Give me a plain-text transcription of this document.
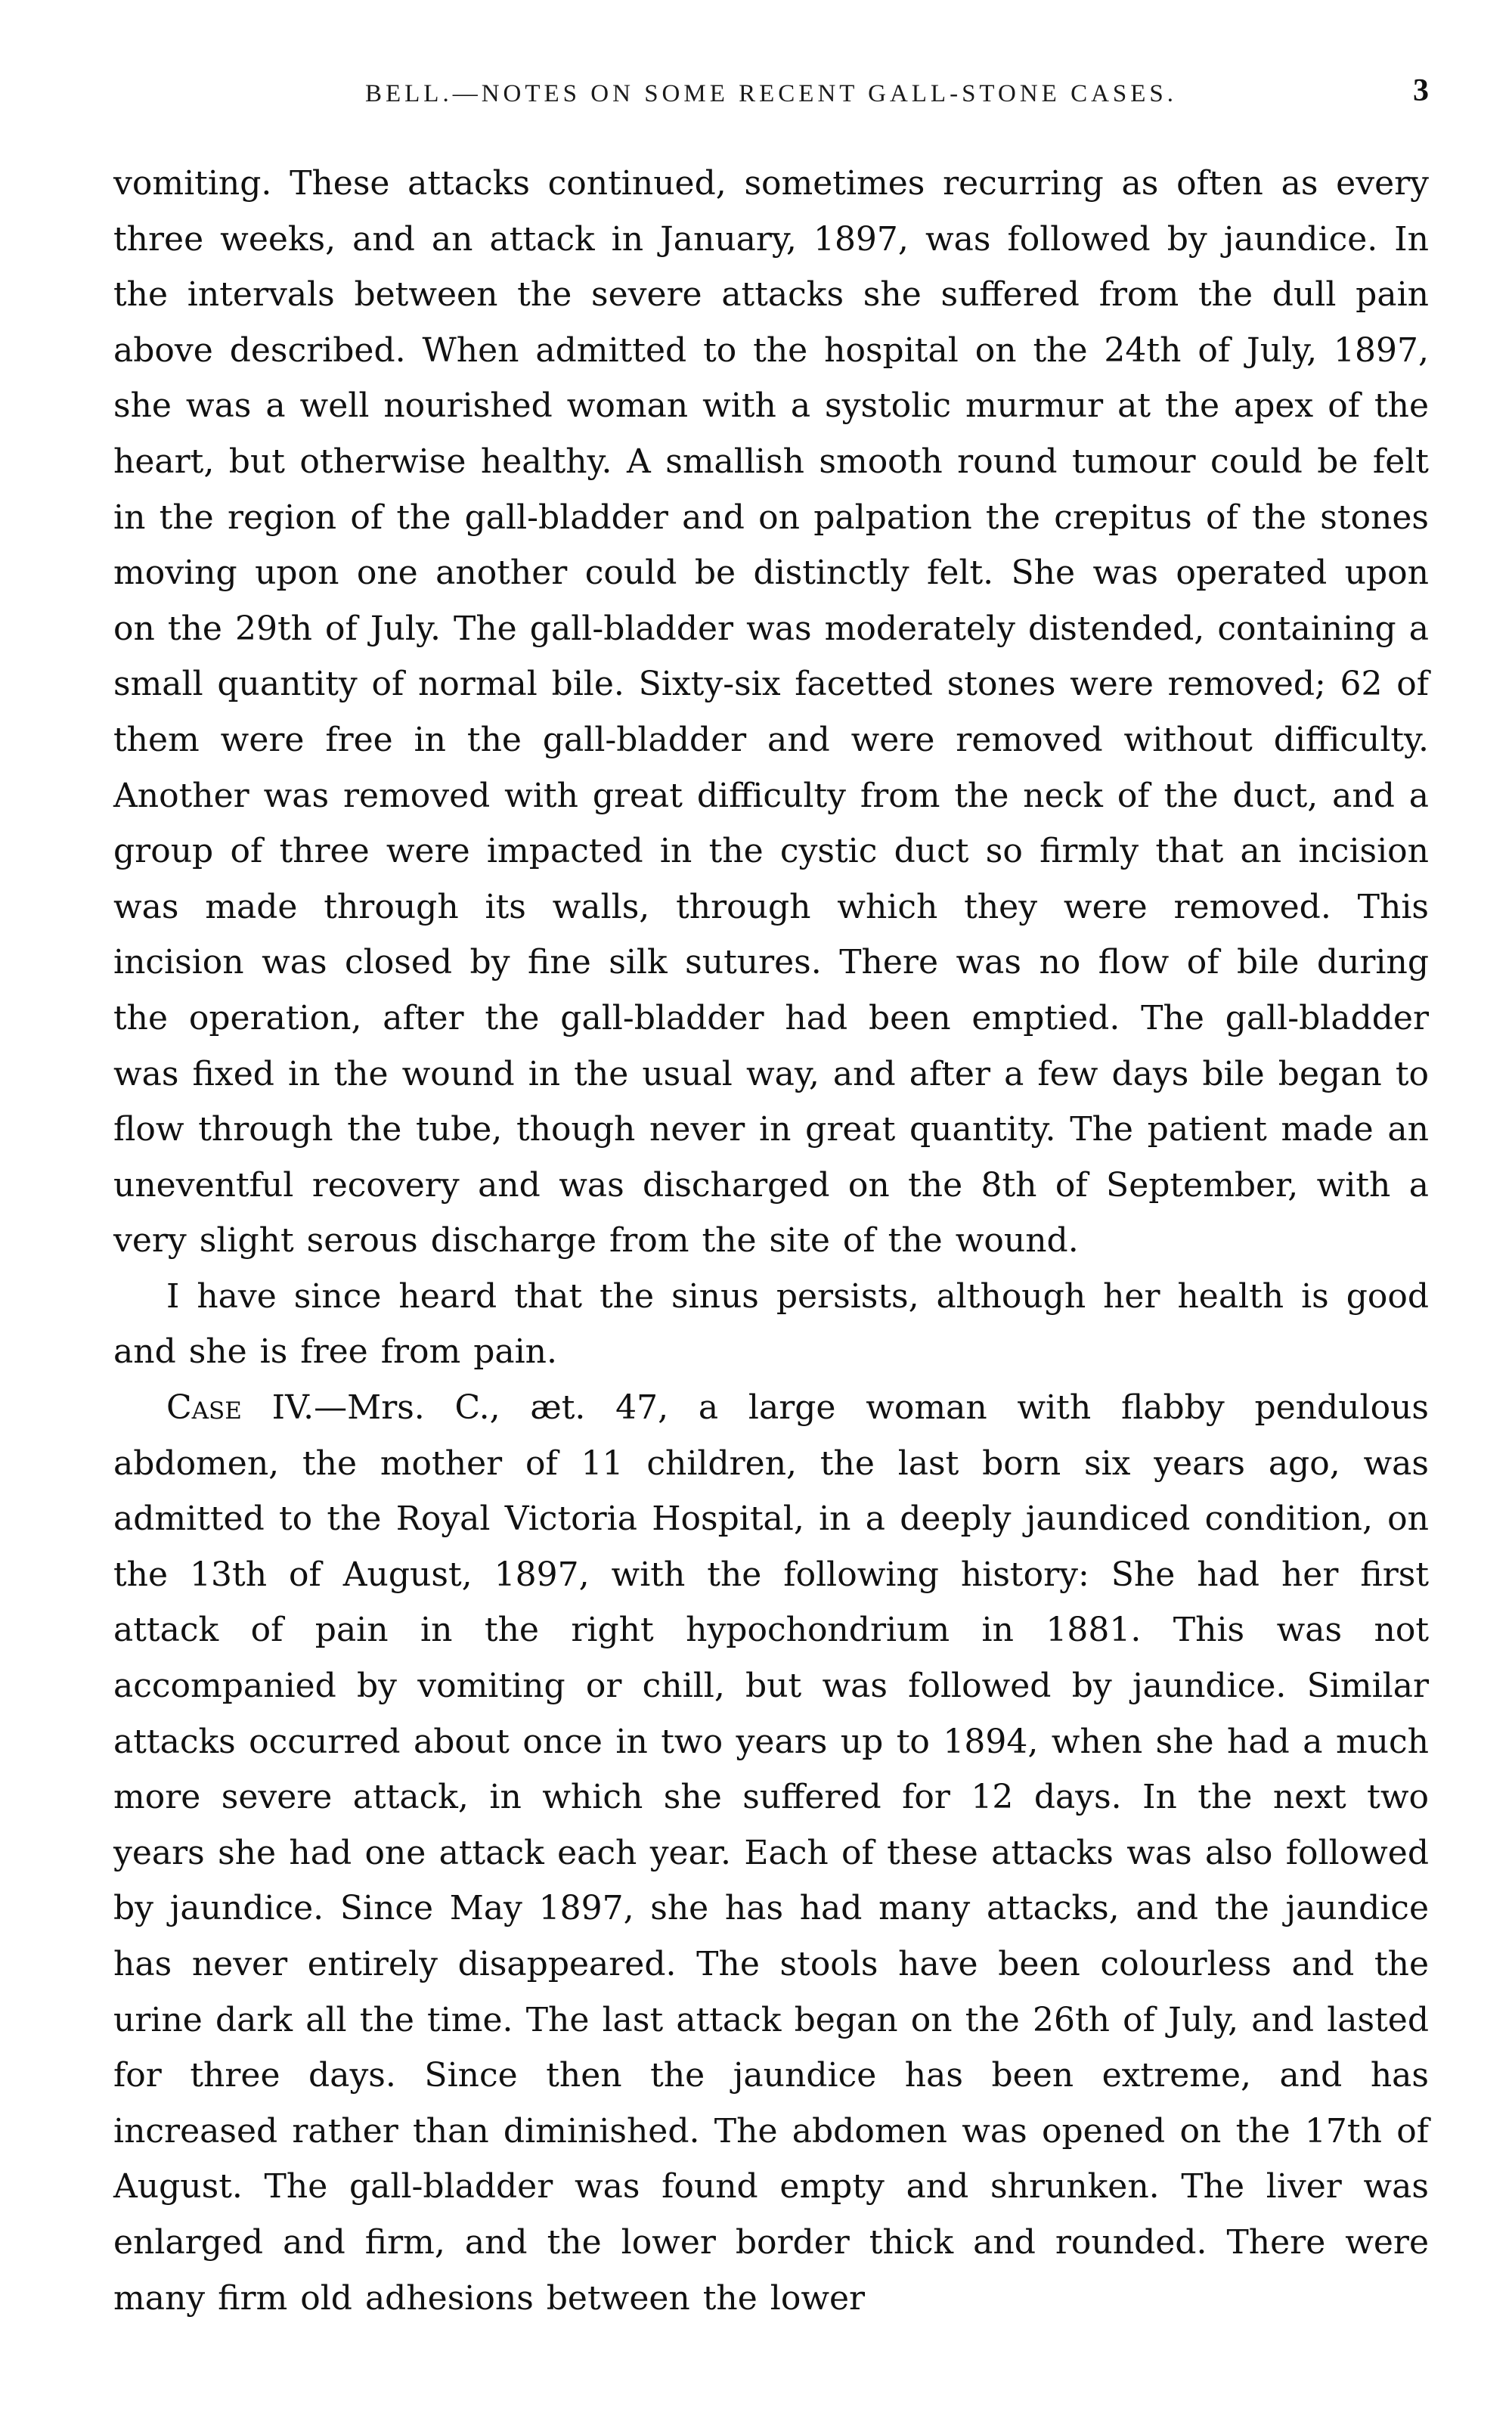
BELL.—NOTES ON SOME RECENT GALL-STONE CASES.	3

vomiting. These attacks continued, sometimes recurring as often as every three weeks, and an attack in January, 1897, was followed by jaundice. In the intervals between the severe attacks she suffered from the dull pain above described. When admitted to the hospital on the 24th of July, 1897, she was a well nourished woman with a systolic murmur at the apex of the heart, but otherwise healthy. A smallish smooth round tumour could be felt in the region of the gall-bladder and on palpation the crepitus of the stones moving upon one another could be distinctly felt. She was operated upon on the 29th of July. The gall-bladder was moderately distended, containing a small quantity of normal bile. Sixty-six facetted stones were removed; 62 of them were free in the gall-bladder and were removed without difficulty. Another was removed with great difficulty from the neck of the duct, and a group of three were impacted in the cystic duct so firmly that an incision was made through its walls, through which they were removed. This incision was closed by fine silk sutures. There was no flow of bile during the operation, after the gall-bladder had been emptied. The gall-bladder was fixed in the wound in the usual way, and after a few days bile began to flow through the tube, though never in great quantity. The patient made an uneventful recovery and was discharged on the 8th of September, with a very slight serous discharge from the site of the wound.

I have since heard that the sinus persists, although her health is good and she is free from pain.

Case IV.—Mrs. C., æt. 47, a large woman with flabby pendulous abdomen, the mother of 11 children, the last born six years ago, was admitted to the Royal Victoria Hospital, in a deeply jaundiced condition, on the 13th of August, 1897, with the following history: She had her first attack of pain in the right hypochondrium in 1881. This was not accompanied by vomiting or chill, but was followed by jaundice. Similar attacks occurred about once in two years up to 1894, when she had a much more severe attack, in which she suffered for 12 days. In the next two years she had one attack each year. Each of these attacks was also followed by jaundice. Since May 1897, she has had many attacks, and the jaundice has never entirely disappeared. The stools have been colourless and the urine dark all the time. The last attack began on the 26th of July, and lasted for three days. Since then the jaundice has been extreme, and has increased rather than diminished. The abdomen was opened on the 17th of August. The gall-bladder was found empty and shrunken. The liver was enlarged and firm, and the lower border thick and rounded. There were many firm old adhesions between the lower
